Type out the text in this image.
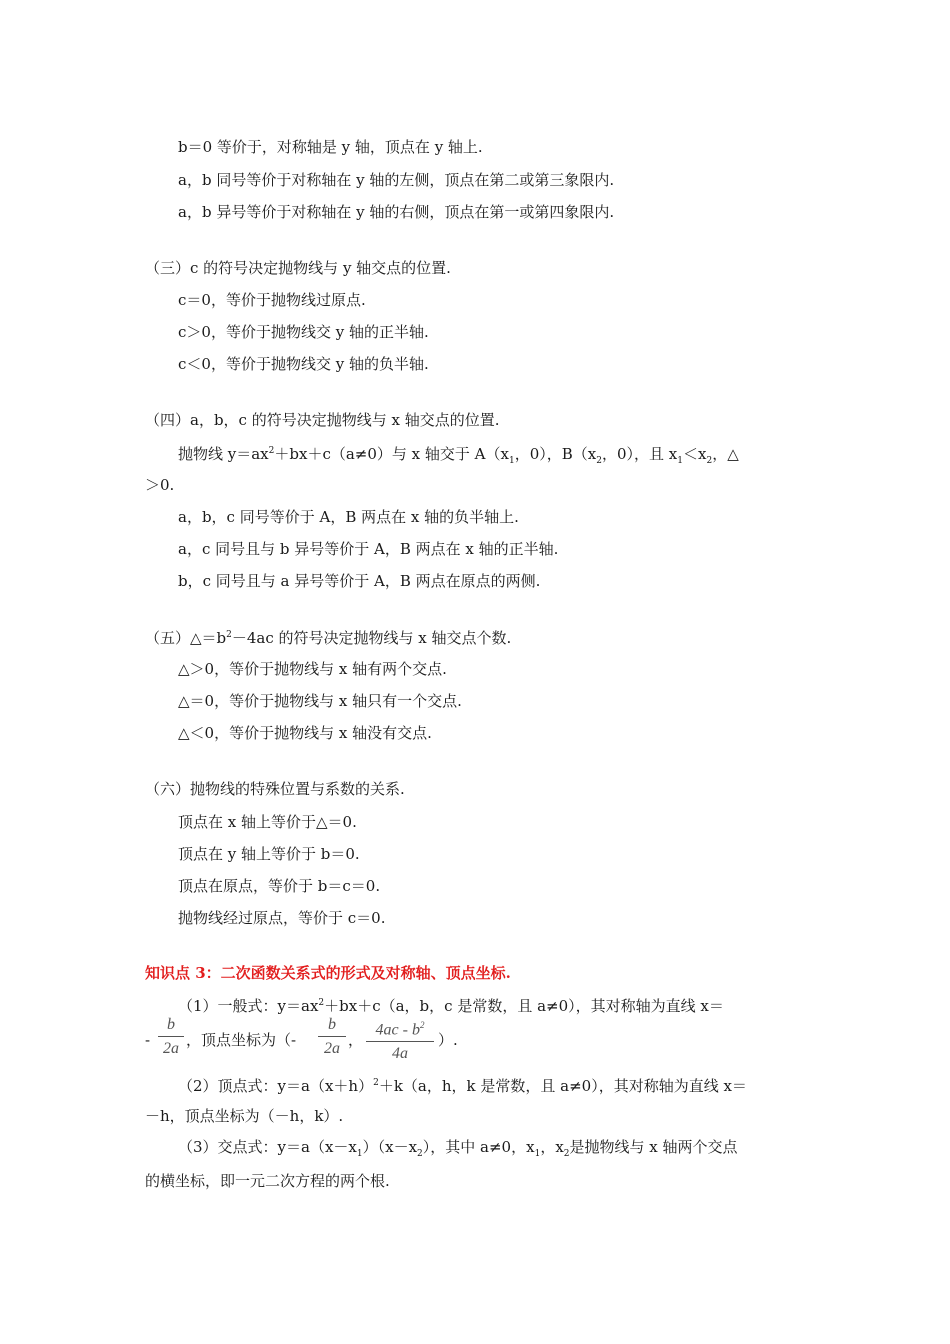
b＝0 等价于，对称轴是 y 轴，顶点在 y 轴上.
a，b 同号等价于对称轴在 y 轴的左侧，顶点在第二或第三象限内.
a，b 异号等价于对称轴在 y 轴的右侧，顶点在第一或第四象限内.
（三）c 的符号决定抛物线与 y 轴交点的位置.
c＝0，等价于抛物线过原点.
c＞0，等价于抛物线交 y 轴的正半轴.
c＜0，等价于抛物线交 y 轴的负半轴.
（四）a，b，c 的符号决定抛物线与 x 轴交点的位置.
抛物线 $y=ax^2+bx+c(a\ne 0)$与 x 轴交于 $A(x_1$，0），$B(x_2$，0），且 $x_1<x_2$，△
＞0.
a，b，c 同号等价于 A，B 两点在 x 轴的负半轴上.
a，c 同号且与 b 异号等价于 A，B 两点在 x 轴的正半轴.
b，c 同号且与 a 异号等价于 A，B 两点在原点的两侧.
（五）$\triangle=b^2-4ac$ 的符号决定抛物线与 x 轴交点个数.
△＞0，等价于抛物线与 x 轴有两个交点.
△＝0，等价于抛物线与 x 轴只有一个交点.
△＜0，等价于抛物线与 x 轴没有交点.
（六）抛物线的特殊位置与系数的关系.
顶点在 x 轴上等价于△＝0.
顶点在 y 轴上等价于 b＝0.
顶点在原点，等价于 b＝c＝0.
抛物线经过原点，等价于 c＝0.
知识点 3：二次函数关系式的形式及对称轴、顶点坐标.
（1）一般式：$y=ax^2+bx+c(a$，b，c 是常数，且 a≠0），其对称轴为直线 x＝
-
b
2a ，顶点坐标为（-
b
2a ，
$4ac - b^2$
4a
）.
（2）顶点式：$y=a(x+h)^2+k(a$，h，k 是常数，且 a≠0），其对称轴为直线 x＝
－h，顶点坐标为（－h，k）.
（3）交点式：$y=a(x-x_1)(x-x_2)$，其中 a≠0，$x_1$，$x_2$是抛物线与 x 轴两个交点
的横坐标，即一元二次方程的两个根.
